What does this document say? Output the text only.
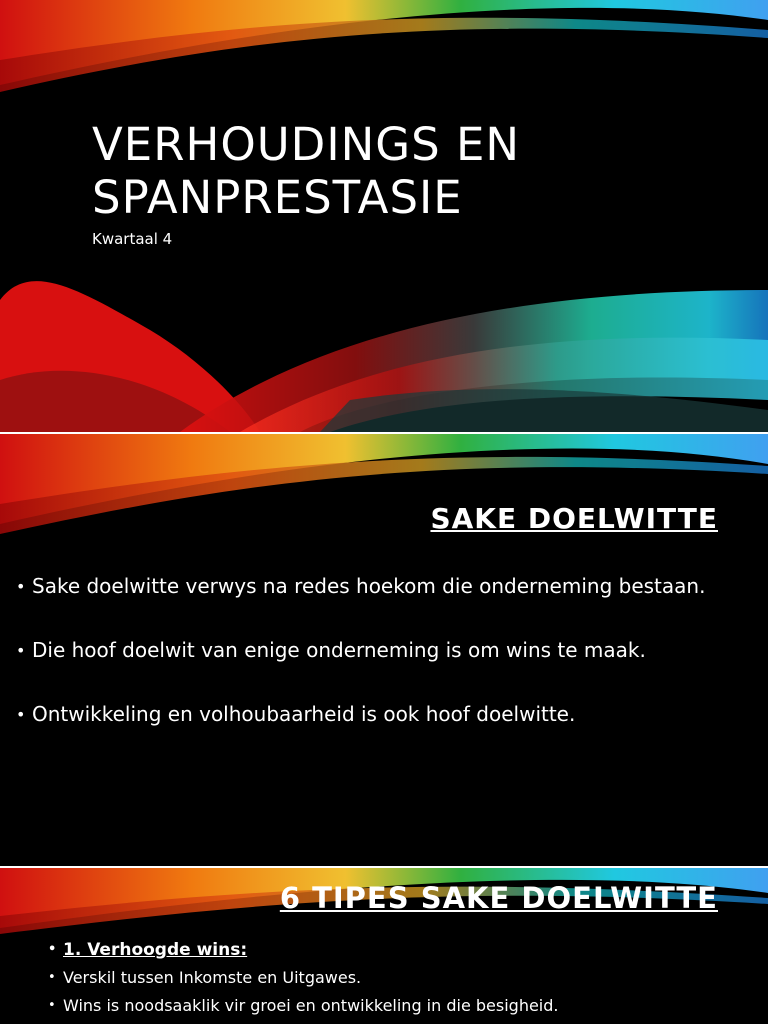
VERHOUDINGS EN
SPANPRESTASIE
Kwartaal 4
SAKE DOELWITTE
• Sake doelwitte verwys na redes hoekom die onderneming bestaan.
• Die hoof doelwit van enige onderneming is om wins te maak.
• Ontwikkeling en volhoubaarheid is ook hoof doelwitte.
6 TIPES SAKE DOELWITTE
• 1. Verhoogde wins:
• Verskil tussen Inkomste en Uitgawes.
• Wins is noodsaaklik vir groei en ontwikkeling in die besigheid.
